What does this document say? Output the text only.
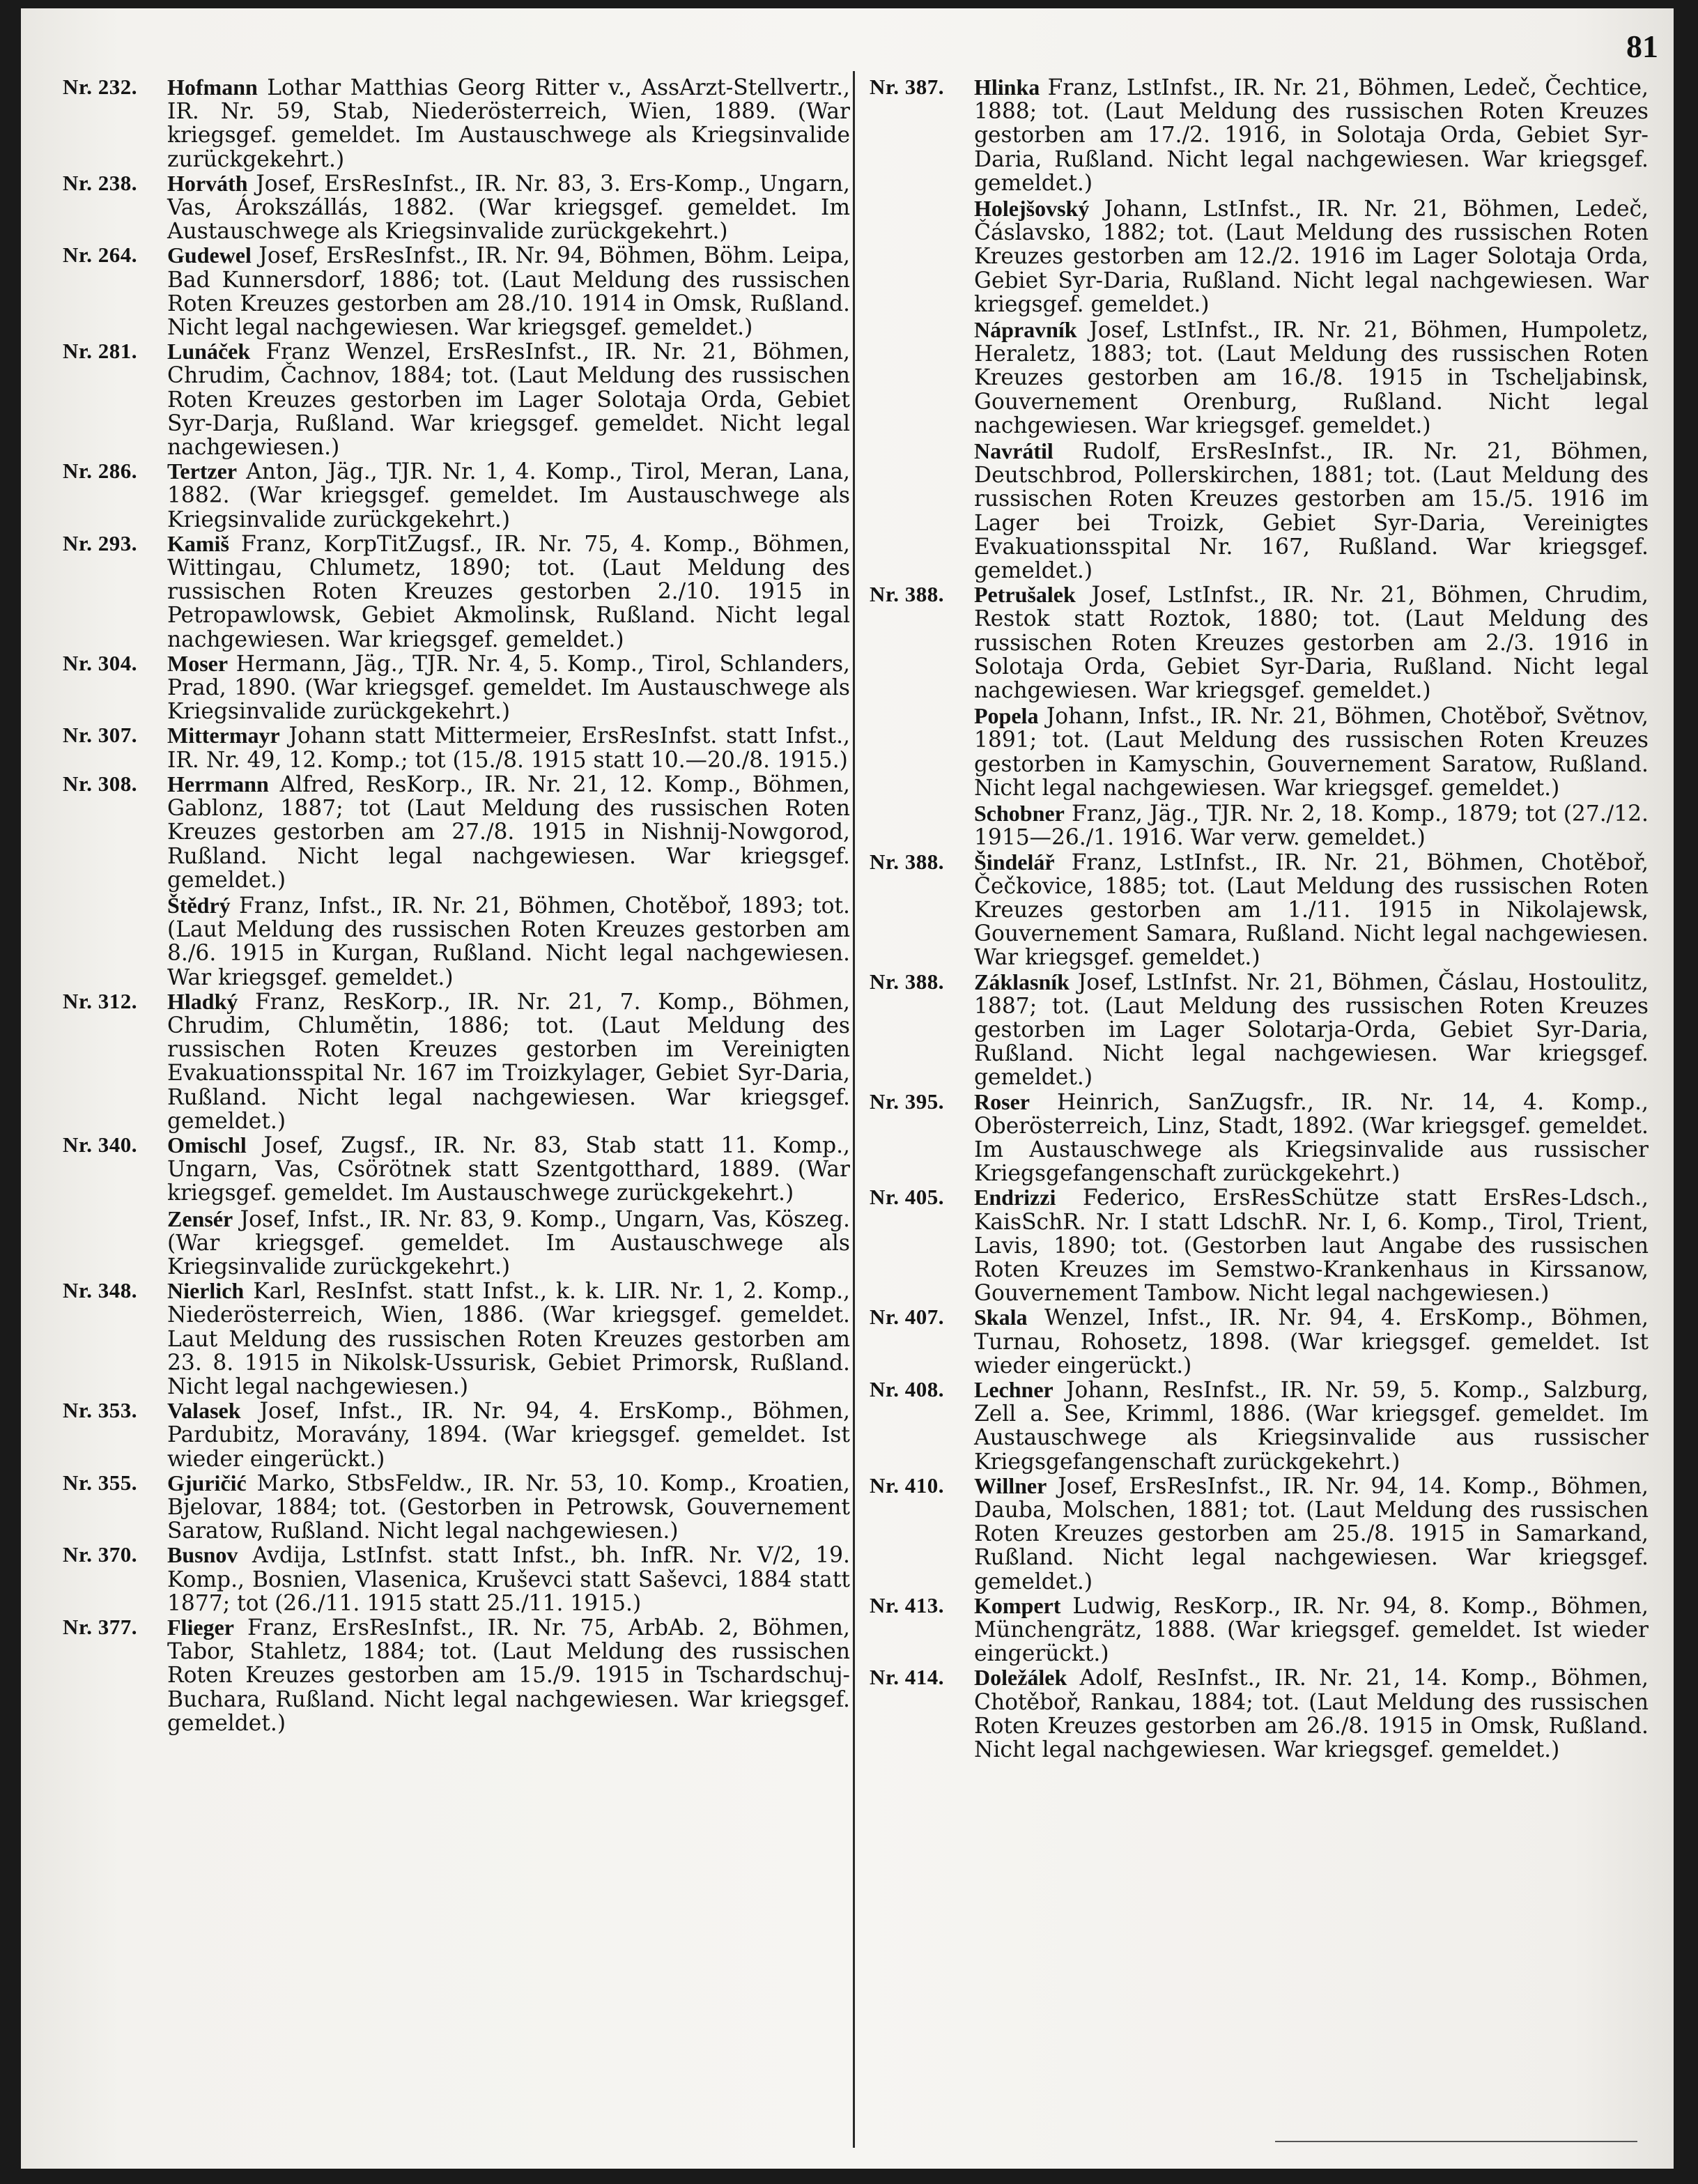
81
Nr. 232. Hofmann Lothar Matthias Georg Ritter v., AssArzt-Stellvertr., IR. Nr. 59, Stab, Niederösterreich, Wien, 1889. (War kriegsgef. gemeldet. Im Austauschwege als Kriegsinvalide zurückgekehrt.)
Nr. 238. Horváth Josef, ErsResInfst., IR. Nr. 83, 3. Ers-Komp., Ungarn, Vas, Árokszállás, 1882. (War kriegsgef. gemeldet. Im Austauschwege als Kriegsinvalide zurückgekehrt.)
Nr. 264. Gudewel Josef, ErsResInfst., IR. Nr. 94, Böhmen, Böhm. Leipa, Bad Kunnersdorf, 1886; tot. (Laut Meldung des russischen Roten Kreuzes gestorben am 28./10. 1914 in Omsk, Rußland. Nicht legal nachgewiesen. War kriegsgef. gemeldet.)
Nr. 281. Lunáček Franz Wenzel, ErsResInfst., IR. Nr. 21, Böhmen, Chrudim, Čachnov, 1884; tot. (Laut Meldung des russischen Roten Kreuzes gestorben im Lager Solotaja Orda, Gebiet Syr-Darja, Rußland. War kriegsgef. gemeldet. Nicht legal nachgewiesen.)
Nr. 286. Tertzer Anton, Jäg., TJR. Nr. 1, 4. Komp., Tirol, Meran, Lana, 1882. (War kriegsgef. gemeldet. Im Austauschwege als Kriegsinvalide zurückgekehrt.)
Nr. 293. Kamiš Franz, KorpTitZugsf., IR. Nr. 75, 4. Komp., Böhmen, Wittingau, Chlumetz, 1890; tot. (Laut Meldung des russischen Roten Kreuzes gestorben 2./10. 1915 in Petropawlowsk, Gebiet Akmolinsk, Rußland. Nicht legal nachgewiesen. War kriegsgef. gemeldet.)
Nr. 304. Moser Hermann, Jäg., TJR. Nr. 4, 5. Komp., Tirol, Schlanders, Prad, 1890. (War kriegsgef. gemeldet. Im Austauschwege als Kriegsinvalide zurückgekehrt.)
Nr. 307. Mittermayr Johann statt Mittermeier, ErsResInfst. statt Infst., IR. Nr. 49, 12. Komp.; tot (15./8. 1915 statt 10.—20./8. 1915.)
Nr. 308. Herrmann Alfred, ResKorp., IR. Nr. 21, 12. Komp., Böhmen, Gablonz, 1887; tot (Laut Meldung des russischen Roten Kreuzes gestorben am 27./8. 1915 in Nishnij-Nowgorod, Rußland. Nicht legal nachgewiesen. War kriegsgef. gemeldet.)
Štědrý Franz, Infst., IR. Nr. 21, Böhmen, Chotěboř, 1893; tot. (Laut Meldung des russischen Roten Kreuzes gestorben am 8./6. 1915 in Kurgan, Rußland. Nicht legal nachgewiesen. War kriegsgef. gemeldet.)
Nr. 312. Hladký Franz, ResKorp., IR. Nr. 21, 7. Komp., Böhmen, Chrudim, Chlumětin, 1886; tot. (Laut Meldung des russischen Roten Kreuzes gestorben im Vereinigten Evakuationsspital Nr. 167 im Troizkylager, Gebiet Syr-Daria, Rußland. Nicht legal nachgewiesen. War kriegsgef. gemeldet.)
Nr. 340. Omischl Josef, Zugsf., IR. Nr. 83, Stab statt 11. Komp., Ungarn, Vas, Csörötnek statt Szentgotthard, 1889. (War kriegsgef. gemeldet. Im Austauschwege zurückgekehrt.)
Zensér Josef, Infst., IR. Nr. 83, 9. Komp., Ungarn, Vas, Köszeg. (War kriegsgef. gemeldet. Im Austauschwege als Kriegsinvalide zurückgekehrt.)
Nr. 348. Nierlich Karl, ResInfst. statt Infst., k. k. LIR. Nr. 1, 2. Komp., Niederösterreich, Wien, 1886. (War kriegsgef. gemeldet. Laut Meldung des russischen Roten Kreuzes gestorben am 23. 8. 1915 in Nikolsk-Ussurisk, Gebiet Primorsk, Rußland. Nicht legal nachgewiesen.)
Nr. 353. Valasek Josef, Infst., IR. Nr. 94, 4. ErsKomp., Böhmen, Pardubitz, Moravány, 1894. (War kriegsgef. gemeldet. Ist wieder eingerückt.)
Nr. 355. Gjuričić Marko, StbsFeldw., IR. Nr. 53, 10. Komp., Kroatien, Bjelovar, 1884; tot. (Gestorben in Petrowsk, Gouvernement Saratow, Rußland. Nicht legal nachgewiesen.)
Nr. 370. Busnov Avdija, LstInfst. statt Infst., bh. InfR. Nr. V/2, 19. Komp., Bosnien, Vlasenica, Kruševci statt Saševci, 1884 statt 1877; tot (26./11. 1915 statt 25./11. 1915.)
Nr. 377. Flieger Franz, ErsResInfst., IR. Nr. 75, ArbAb. 2, Böhmen, Tabor, Stahletz, 1884; tot. (Laut Meldung des russischen Roten Kreuzes gestorben am 15./9. 1915 in Tschardschuj-Buchara, Rußland. Nicht legal nachgewiesen. War kriegsgef. gemeldet.)
Nr. 387. Hlinka Franz, LstInfst., IR. Nr. 21, Böhmen, Ledeč, Čechtice, 1888; tot. (Laut Meldung des russischen Roten Kreuzes gestorben am 17./2. 1916, in Solotaja Orda, Gebiet Syr-Daria, Rußland. Nicht legal nachgewiesen. War kriegsgef. gemeldet.)
Holejšovský Johann, LstInfst., IR. Nr. 21, Böhmen, Ledeč, Čáslavsko, 1882; tot. (Laut Meldung des russischen Roten Kreuzes gestorben am 12./2. 1916 im Lager Solotaja Orda, Gebiet Syr-Daria, Rußland. Nicht legal nachgewiesen. War kriegsgef. gemeldet.)
Nápravník Josef, LstInfst., IR. Nr. 21, Böhmen, Humpoletz, Heraletz, 1883; tot. (Laut Meldung des russischen Roten Kreuzes gestorben am 16./8. 1915 in Tscheljabinsk, Gouvernement Orenburg, Rußland. Nicht legal nachgewiesen. War kriegsgef. gemeldet.)
Navrátil Rudolf, ErsResInfst., IR. Nr. 21, Böhmen, Deutschbrod, Pollerskirchen, 1881; tot. (Laut Meldung des russischen Roten Kreuzes gestorben am 15./5. 1916 im Lager bei Troizk, Gebiet Syr-Daria, Vereinigtes Evakuationsspital Nr. 167, Rußland. War kriegsgef. gemeldet.)
Nr. 388. Petrušalek Josef, LstInfst., IR. Nr. 21, Böhmen, Chrudim, Restok statt Roztok, 1880; tot. (Laut Meldung des russischen Roten Kreuzes gestorben am 2./3. 1916 in Solotaja Orda, Gebiet Syr-Daria, Rußland. Nicht legal nachgewiesen. War kriegsgef. gemeldet.)
Popela Johann, Infst., IR. Nr. 21, Böhmen, Chotěboř, Světnov, 1891; tot. (Laut Meldung des russischen Roten Kreuzes gestorben in Kamyschin, Gouvernement Saratow, Rußland. Nicht legal nachgewiesen. War kriegsgef. gemeldet.)
Schobner Franz, Jäg., TJR. Nr. 2, 18. Komp., 1879; tot (27./12. 1915—26./1. 1916. War verw. gemeldet.)
Nr. 388. Šindelář Franz, LstInfst., IR. Nr. 21, Böhmen, Chotěboř, Čečkovice, 1885; tot. (Laut Meldung des russischen Roten Kreuzes gestorben am 1./11. 1915 in Nikolajewsk, Gouvernement Samara, Rußland. Nicht legal nachgewiesen. War kriegsgef. gemeldet.)
Nr. 388. Záklasník Josef, LstInfst. Nr. 21, Böhmen, Čáslau, Hostoulitz, 1887; tot. (Laut Meldung des russischen Roten Kreuzes gestorben im Lager Solotarja-Orda, Gebiet Syr-Daria, Rußland. Nicht legal nachgewiesen. War kriegsgef. gemeldet.)
Nr. 395. Roser Heinrich, SanZugsfr., IR. Nr. 14, 4. Komp., Oberösterreich, Linz, Stadt, 1892. (War kriegsgef. gemeldet. Im Austauschwege als Kriegsinvalide aus russischer Kriegsgefangenschaft zurückgekehrt.)
Nr. 405. Endrizzi Federico, ErsResSchütze statt ErsRes-Ldsch., KaisSchR. Nr. I statt LdschR. Nr. I, 6. Komp., Tirol, Trient, Lavis, 1890; tot. (Gestorben laut Angabe des russischen Roten Kreuzes im Semstwo-Krankenhaus in Kirssanow, Gouvernement Tambow. Nicht legal nachgewiesen.)
Nr. 407. Skala Wenzel, Infst., IR. Nr. 94, 4. ErsKomp., Böhmen, Turnau, Rohosetz, 1898. (War kriegsgef. gemeldet. Ist wieder eingerückt.)
Nr. 408. Lechner Johann, ResInfst., IR. Nr. 59, 5. Komp., Salzburg, Zell a. See, Krimml, 1886. (War kriegsgef. gemeldet. Im Austauschwege als Kriegsinvalide aus russischer Kriegsgefangenschaft zurückgekehrt.)
Nr. 410. Willner Josef, ErsResInfst., IR. Nr. 94, 14. Komp., Böhmen, Dauba, Molschen, 1881; tot. (Laut Meldung des russischen Roten Kreuzes gestorben am 25./8. 1915 in Samarkand, Rußland. Nicht legal nachgewiesen. War kriegsgef. gemeldet.)
Nr. 413. Kompert Ludwig, ResKorp., IR. Nr. 94, 8. Komp., Böhmen, Münchengrätz, 1888. (War kriegsgef. gemeldet. Ist wieder eingerückt.)
Nr. 414. Doležálek Adolf, ResInfst., IR. Nr. 21, 14. Komp., Böhmen, Chotěboř, Rankau, 1884; tot. (Laut Meldung des russischen Roten Kreuzes gestorben am 26./8. 1915 in Omsk, Rußland. Nicht legal nachgewiesen. War kriegsgef. gemeldet.)
